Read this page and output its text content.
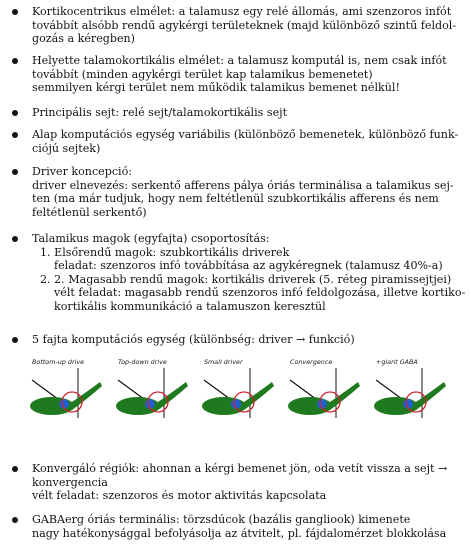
Kortikocentrikus elmélet: a talamusz egy relé állomás, ami szenzoros infót
továbbít alsóbb rendű agykérgi területeknek (majd különböző szintű feldol-
gozás a kéregben)
Helyette talamokortikális elmélet: a talamusz komputál is, nem csak infót
továbbít (minden agykérgi terület kap talamikus bemenetet)
semmilyen kérgi terület nem működik talamikus bemenet nélkül!
Principális sejt: relé sejt/talamokortikális sejt
Alap komputációs egység variábilis (különböző bemenetek, különböző funk-
ciójú sejtek)
Driver koncepció:
driver elnevezés: serkentő afferens pálya óriás terminálisa a talamikus sej-
ten (ma már tudjuk, hogy nem feltétlenül szubkortikális afferens és nem
feltétlenül serkentő)
Talamikus magok (egyfajta) csoportosítás:
1. Elsőrendű magok: szubkortikális driverek
feladat: szenzoros infó továbbítása az agykéregnek (talamusz 40%-a)
2. 2. Magasabb rendű magok: kortikális driverek (5. réteg piramissejtjei)
vélt feladat: magasabb rendű szenzoros infó feldolgozása, illetve kortiko-
kortikális kommunikáció a talamuszon keresztül
5 fajta komputációs egység (különbség: driver → funkció)
Bottom-up drive	Top-down drive	Small driver	Convergence	+giant GABA
Konvergáló régiók: ahonnan a kérgi bemenet jön, oda vetít vissza a sejt →
konvergencia
vélt feladat: szenzoros és motor aktivitás kapcsolata
GABAerg óriás terminális: törzsdúcok (bazális gangliook) kimenete
nagy hatékonysággal befolyásolja az átvitelt, pl. fájdalomérzet blokkolása
